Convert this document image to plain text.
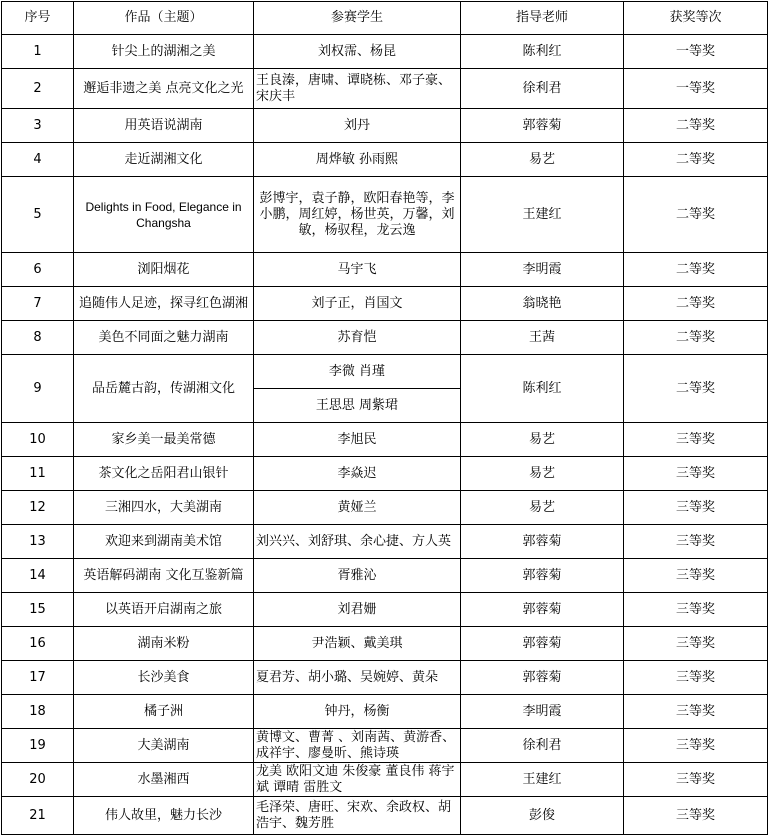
序号	作品（主题）	参赛学生	指导老师	获奖等次
1	针尖上的湖湘之美	刘权霈、杨昆	陈利红	一等奖
2	邂逅非遗之美 点亮文化之光	王良溱，唐啸、谭晓栋、邓子豪、宋庆丰	徐利君	一等奖
3	用英语说湖南	刘丹	郭蓉菊	二等奖
4	走近湖湘文化	周烨敏 孙雨熙	易艺	二等奖
5	Delights in Food, Elegance in Changsha	彭博宇，袁子静，欧阳春艳等，李小鹏，周红婷，杨世英，万馨，刘敏，杨驭程，龙云逸	王建红	二等奖
6	浏阳烟花	马宇飞	李明霞	二等奖
7	追随伟人足迹，探寻红色湖湘	刘子正，肖国文	翁晓艳	二等奖
8	美色不同面之魅力湖南	苏育恺	王茜	二等奖
9	品岳麓古韵，传湖湘文化	李微 肖瑾	陈利红	二等奖
		王思思 周紫珺		
10	家乡美一最美常德	李旭民	易艺	三等奖
11	茶文化之岳阳君山银针	李焱迟	易艺	三等奖
12	三湘四水，大美湖南	黄娅兰	易艺	三等奖
13	欢迎来到湖南美术馆	刘兴兴、刘舒琪、余心捷、方人英	郭蓉菊	三等奖
14	英语解码湖南 文化互鉴新篇	胥雅沁	郭蓉菊	三等奖
15	以英语开启湖南之旅	刘君姗	郭蓉菊	三等奖
16	湖南米粉	尹浩颖、戴美琪	郭蓉菊	三等奖
17	长沙美食	夏君芳、胡小璐、吴婉婷、黄朵	郭蓉菊	三等奖
18	橘子洲	钟丹，杨衡	李明霞	三等奖
19	大美湖南	黄博文、曹菁 、刘南茜、黄游香、成祥宇、廖曼昕、熊诗瑛	徐利君	三等奖
20	水墨湘西	龙美 欧阳文迪 朱俊豪 董良伟 蒋宇斌 谭晴 雷胜文	王建红	三等奖
21	伟人故里，魅力长沙	毛泽荣、唐旺、宋欢、余政权、胡浩宇、魏芳胜	彭俊	三等奖
